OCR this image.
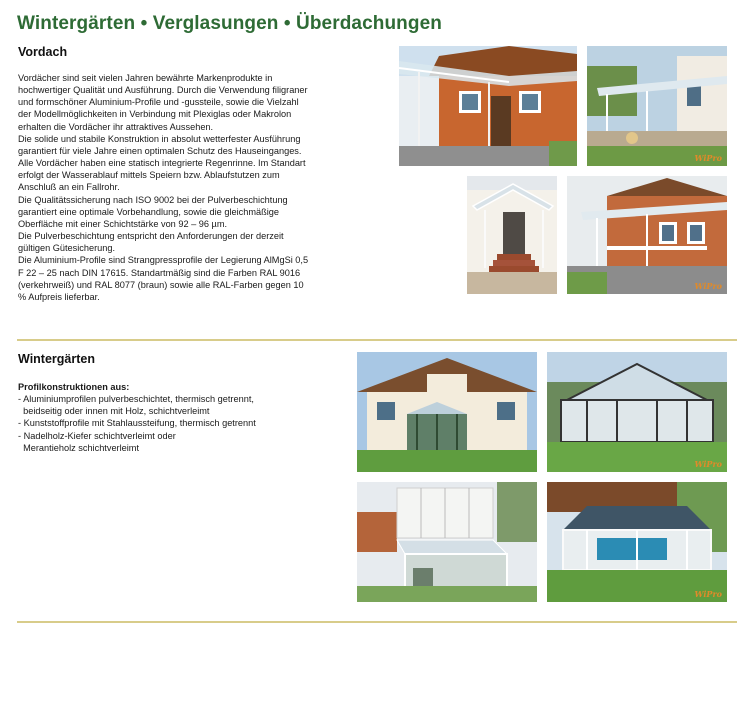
Wintergärten • Verglasungen • Überdachungen
Vordach
Vordächer sind seit vielen Jahren bewährte Markenprodukte in
hochwertiger Qualität und Ausführung. Durch die Verwendung filigraner
und formschöner Aluminium-Profile und -gussteile, sowie die Vielzahl
der Modellmöglichkeiten in Verbindung mit Plexiglas oder Makrolon
erhalten die Vordächer ihr attraktives Aussehen.
Die solide und stabile Konstruktion in absolut wetterfester Ausführung
garantiert für viele Jahre einen optimalen Schutz des Hauseinganges.
Alle Vordächer haben eine statisch integrierte Regenrinne. Im Standart
erfolgt der Wasserablauf mittels Speiern bzw. Ablaufstutzen zum
Anschluß an ein Fallrohr.
Die Qualitätssicherung nach ISO 9002 bei der Pulverbeschichtung
garantiert eine optimale Vorbehandlung, sowie die gleichmäßige
Oberfläche mit einer Schichtstärke von 92 – 96 µm.
Die Pulverbeschichtung entspricht den Anforderungen der derzeit
gültigen Gütesicherung.
Die Aluminium-Profile sind Strangpressprofile der Legierung AlMgSi 0,5
F 22 – 25 nach DIN 17615. Standartmäßig sind die Farben RAL 9016
(verkehrweiß) und RAL 8077 (braun) sowie alle RAL-Farben gegen 10
% Aufpreis lieferbar.
WiPro
WiPro
Wintergärten
Profilkonstruktionen aus:
- Aluminiumprofilen pulverbeschichtet, thermisch getrennt,
beidseitig oder innen mit Holz, schichtverleimt
- Kunststoffprofile mit Stahlaussteifung, thermisch getrennt
- Nadelholz-Kiefer schichtverleimt oder
Merantieholz schichtverleimt
WiPro
WiPro
